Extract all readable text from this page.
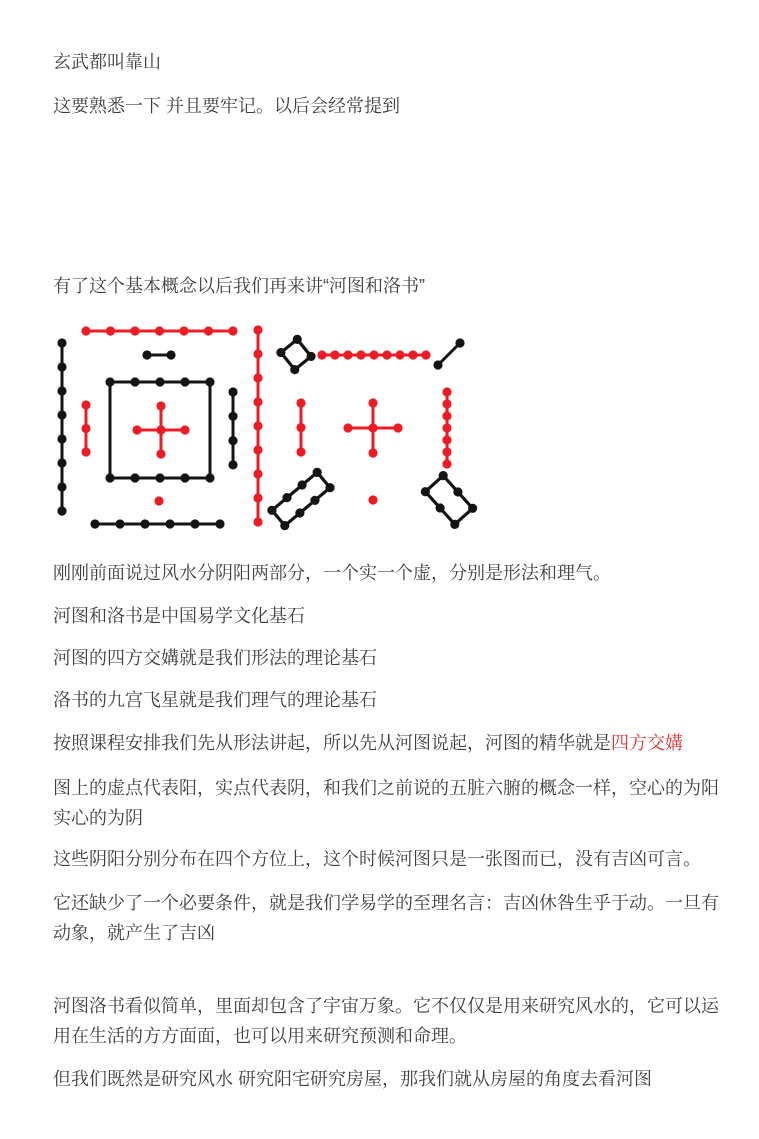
玄武都叫靠山

这要熟悉一下 并且要牢记。以后会经常提到

有了这个基本概念以后我们再来讲“河图和洛书”

刚刚前面说过风水分阴阳两部分，一个实一个虚，分别是形法和理气。

河图和洛书是中国易学文化基石

河图的四方交媾就是我们形法的理论基石

洛书的九宫飞星就是我们理气的理论基石

按照课程安排我们先从形法讲起，所以先从河图说起，河图的精华就是四方交媾

图上的虚点代表阳，实点代表阴，和我们之前说的五脏六腑的概念一样，空心的为阳
实心的为阴

这些阴阳分别分布在四个方位上，这个时候河图只是一张图而已，没有吉凶可言。

它还缺少了一个必要条件，就是我们学易学的至理名言：吉凶休咎生乎于动。一旦有
动象，就产生了吉凶

河图洛书看似简单，里面却包含了宇宙万象。它不仅仅是用来研究风水的，它可以运
用在生活的方方面面，也可以用来研究预测和命理。

但我们既然是研究风水 研究阳宅研究房屋，那我们就从房屋的角度去看河图
